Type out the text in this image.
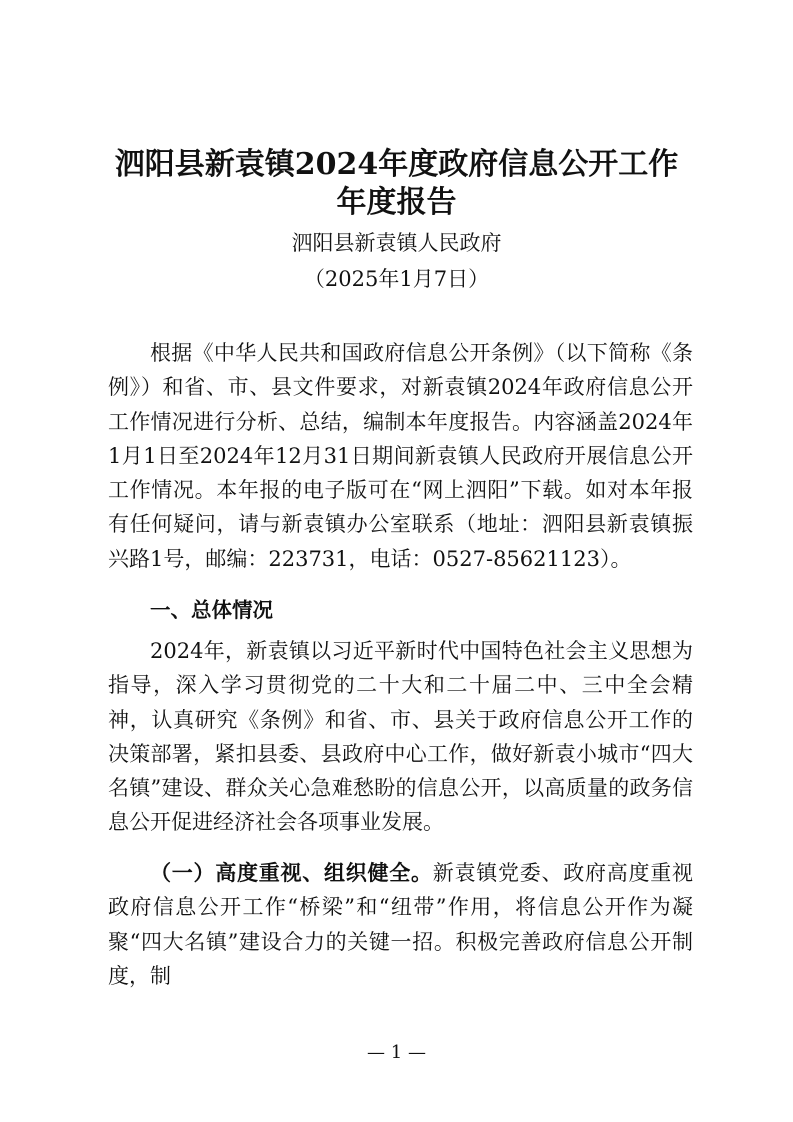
泗阳县新袁镇2024年度政府信息公开工作
年度报告
泗阳县新袁镇人民政府
（2025年1月7日）
根据《中华人民共和国政府信息公开条例》（以下简称《条例》）和省、市、县文件要求，对新袁镇2024年政府信息公开工作情况进行分析、总结，编制本年度报告。内容涵盖2024年1月1日至2024年12月31日期间新袁镇人民政府开展信息公开工作情况。本年报的电子版可在“网上泗阳”下载。如对本年报有任何疑问，请与新袁镇办公室联系（地址：泗阳县新袁镇振兴路1号，邮编：223731，电话：0527-85621123）。
一、总体情况
2024年，新袁镇以习近平新时代中国特色社会主义思想为指导，深入学习贯彻党的二十大和二十届二中、三中全会精神，认真研究《条例》和省、市、县关于政府信息公开工作的决策部署，紧扣县委、县政府中心工作，做好新袁小城市“四大名镇”建设、群众关心急难愁盼的信息公开，以高质量的政务信息公开促进经济社会各项事业发展。
（一）高度重视、组织健全。新袁镇党委、政府高度重视政府信息公开工作“桥梁”和“纽带”作用，将信息公开作为凝聚“四大名镇”建设合力的关键一招。积极完善政府信息公开制度，制
— 1 —
